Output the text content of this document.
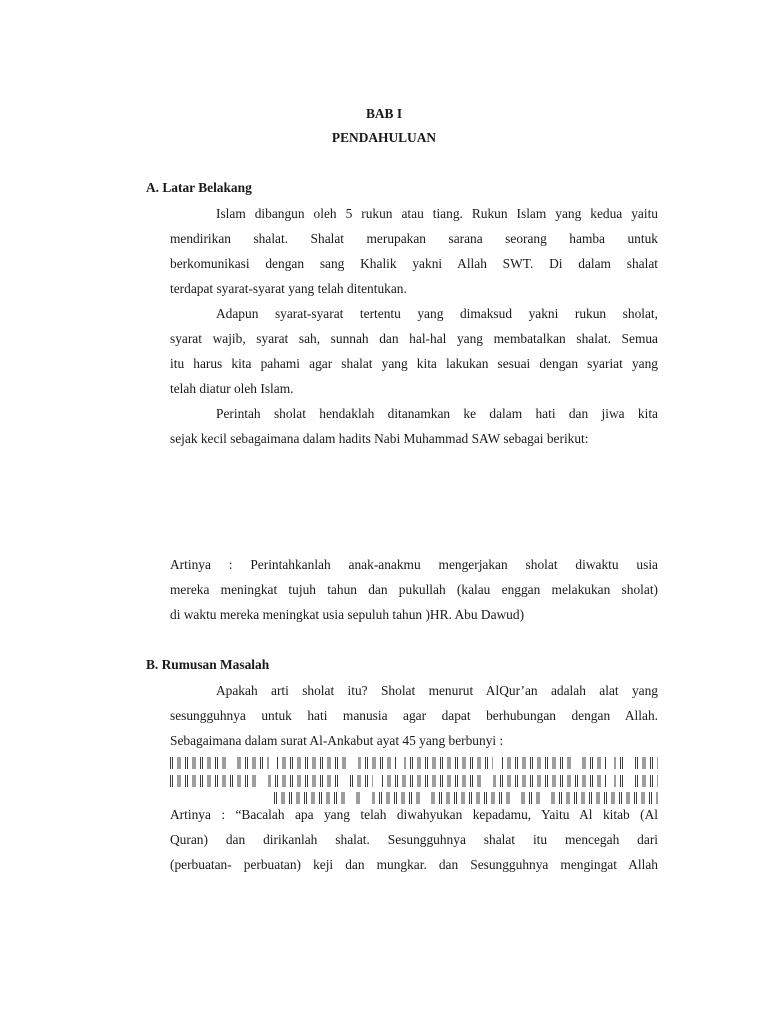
BAB I

PENDAHULUAN

A. Latar Belakang

Islam dibangun oleh 5 rukun atau tiang. Rukun Islam yang kedua yaitu

mendirikan shalat. Shalat merupakan sarana seorang hamba untuk

berkomunikasi dengan sang Khalik yakni Allah SWT. Di dalam shalat

terdapat syarat-syarat yang telah ditentukan.

Adapun syarat-syarat tertentu yang dimaksud yakni rukun sholat,

syarat wajib, syarat sah, sunnah dan hal-hal yang membatalkan shalat. Semua

itu harus kita pahami agar shalat yang kita lakukan sesuai dengan syariat yang

telah diatur oleh Islam.

Perintah sholat hendaklah ditanamkan ke dalam hati dan jiwa kita

sejak kecil sebagaimana dalam hadits Nabi Muhammad SAW sebagai berikut:

Artinya : Perintahkanlah anak-anakmu mengerjakan sholat diwaktu usia

mereka meningkat tujuh tahun dan pukullah (kalau enggan melakukan sholat)

di waktu mereka meningkat usia sepuluh tahun )HR. Abu Dawud)

B. Rumusan Masalah

Apakah arti sholat itu? Sholat menurut AlQur’an adalah alat yang

sesungguhnya untuk hati manusia agar dapat berhubungan dengan Allah.

Sebagaimana dalam surat Al-Ankabut ayat 45 yang berbunyi :

Artinya : “Bacalah apa yang telah diwahyukan kepadamu, Yaitu Al kitab (Al

Quran) dan dirikanlah shalat. Sesungguhnya shalat itu mencegah dari

(perbuatan- perbuatan) keji dan mungkar. dan Sesungguhnya mengingat Allah
